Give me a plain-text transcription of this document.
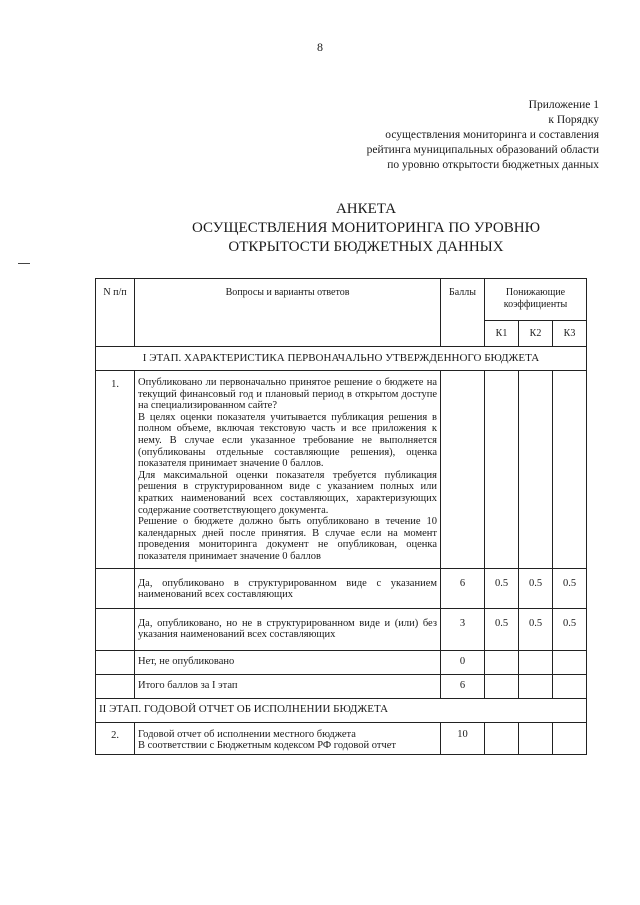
8
Приложение 1
к Порядку
осуществления мониторинга и составления
рейтинга муниципальных образований области
по уровню открытости бюджетных данных
АНКЕТА
ОСУЩЕСТВЛЕНИЯ МОНИТОРИНГА ПО УРОВНЮ
ОТКРЫТОСТИ БЮДЖЕТНЫХ ДАННЫХ
N п/п	Вопросы и варианты ответов	Баллы	Понижающие коэффициенты		
			К1	К2	К3
I ЭТАП. ХАРАКТЕРИСТИКА ПЕРВОНАЧАЛЬНО УТВЕРЖДЕННОГО БЮДЖЕТА					
1.	Опубликовано ли первоначально принятое решение о бюджете на текущий финансовый год и плановый период в открытом доступе на специализированном сайте?
В целях оценки показателя учитывается публикация решения в полном объеме, включая текстовую часть и все приложения к нему. В случае если указанное требование не выполняется (опубликованы отдельные составляющие решения), оценка показателя принимает значение 0 баллов.
Для максимальной оценки показателя требуется публикация решения в структурированном виде с указанием полных или кратких наименований всех составляющих, характеризующих содержание соответствующего документа.
Решение о бюджете должно быть опубликовано в течение 10 календарных дней после принятия. В случае если на момент проведения мониторинга документ не опубликован, оценка показателя принимает значение 0 баллов				

	Да, опубликовано в структурированном виде с указанием наименований всех составляющих	6	0.5	0.5	0.5
	Да, опубликовано, но не в структурированном виде и (или) без указания наименований всех составляющих	3	0.5	0.5	0.5
	Нет, не опубликовано	0			
	Итого баллов за I этап	6			
II ЭТАП. ГОДОВОЙ ОТЧЕТ ОБ ИСПОЛНЕНИИ БЮДЖЕТА					
2.	Годовой отчет об исполнении местного бюджета
В соответствии с Бюджетным кодексом РФ годовой отчет	10			
